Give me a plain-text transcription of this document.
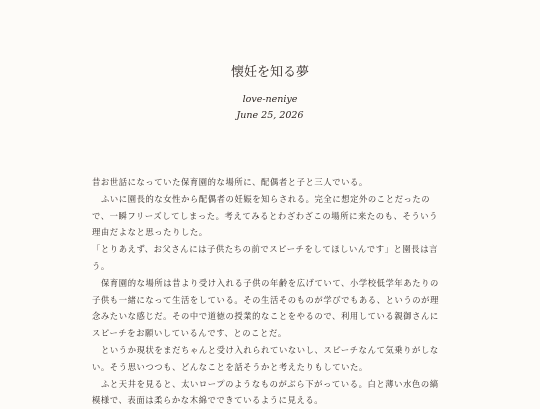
懐妊を知る夢
love-neniye
June 25, 2026

昔お世話になっていた保育園的な場所に、配偶者と子と三人でいる。

ふいに園長的な女性から配偶者の妊娠を知らされる。完全に想定外のことだったので、一瞬フリーズしてしまった。考えてみるとわざわざこの場所に来たのも、そういう理由だよなと思ったりした。

「とりあえず、お父さんには子供たちの前でスピーチをしてほしいんです」と園長は言う。

保育園的な場所は昔より受け入れる子供の年齢を広げていて、小学校低学年あたりの子供も一緒になって生活をしている。その生活そのものが学びでもある、というのが理念みたいな感じだ。その中で道徳の授業的なことをやるので、利用している親御さんにスピーチをお願いしているんです、とのことだ。

というか現状をまだちゃんと受け入れられていないし、スピーチなんて気乗りがしない。そう思いつつも、どんなことを話そうかと考えたりもしていた。

ふと天井を見ると、太いロープのようなものがぶら下がっている。白と薄い水色の縞模様で、表面は柔らかな木綿でできているように見える。
